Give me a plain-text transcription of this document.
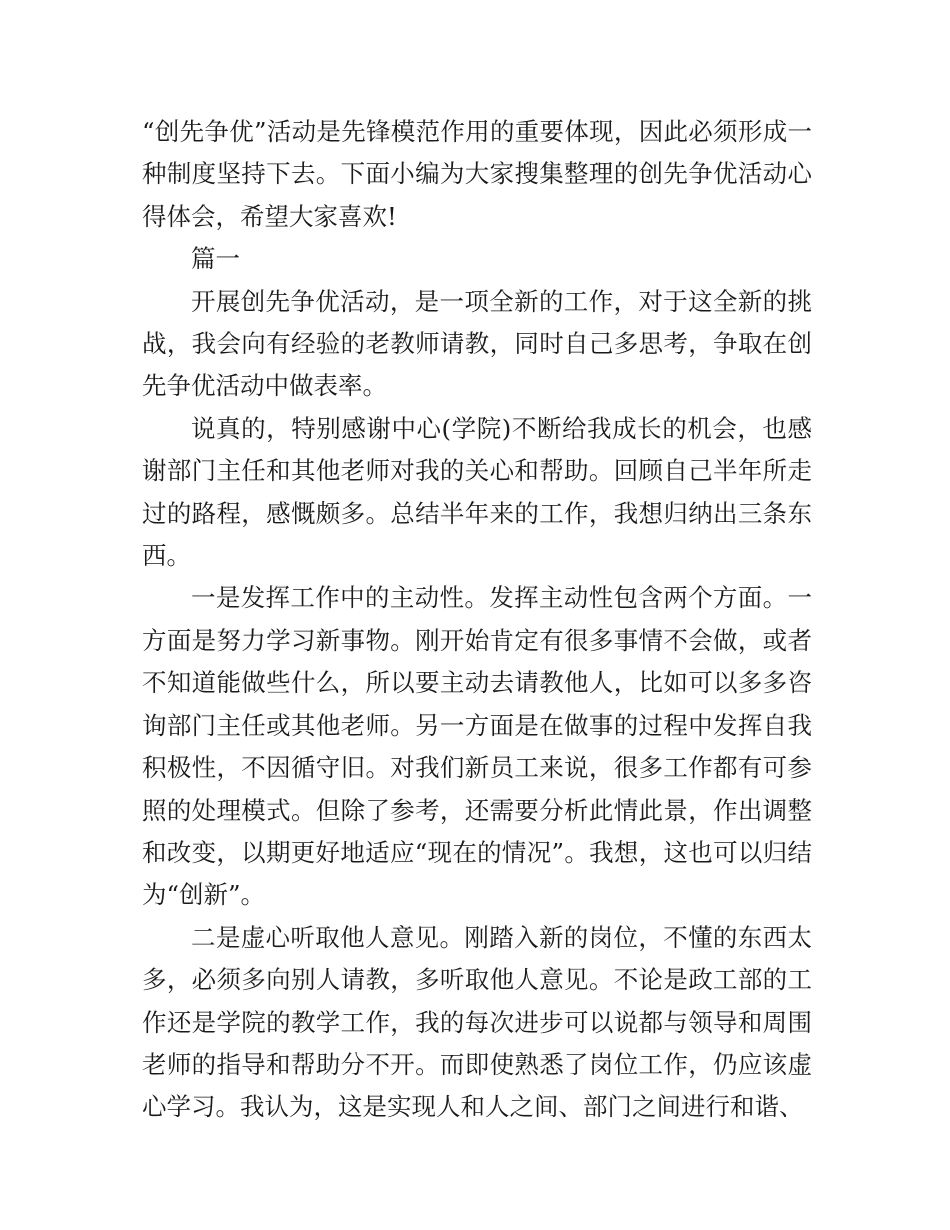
“创先争优”活动是先锋模范作用的重要体现，因此必须形成一种制度坚持下去。下面小编为大家搜集整理的创先争优活动心得体会，希望大家喜欢!

篇一

开展创先争优活动，是一项全新的工作，对于这全新的挑战，我会向有经验的老教师请教，同时自己多思考，争取在创先争优活动中做表率。

说真的，特别感谢中心(学院)不断给我成长的机会，也感谢部门主任和其他老师对我的关心和帮助。回顾自己半年所走过的路程，感慨颇多。总结半年来的工作，我想归纳出三条东西。

一是发挥工作中的主动性。发挥主动性包含两个方面。一方面是努力学习新事物。刚开始肯定有很多事情不会做，或者不知道能做些什么，所以要主动去请教他人，比如可以多多咨询部门主任或其他老师。另一方面是在做事的过程中发挥自我积极性，不因循守旧。对我们新员工来说，很多工作都有可参照的处理模式。但除了参考，还需要分析此情此景，作出调整和改变，以期更好地适应“现在的情况”。我想，这也可以归结为“创新”。

二是虚心听取他人意见。刚踏入新的岗位，不懂的东西太多，必须多向别人请教，多听取他人意见。不论是政工部的工作还是学院的教学工作，我的每次进步可以说都与领导和周围老师的指导和帮助分不开。而即使熟悉了岗位工作，仍应该虚心学习。我认为，这是实现人和人之间、部门之间进行和谐、
